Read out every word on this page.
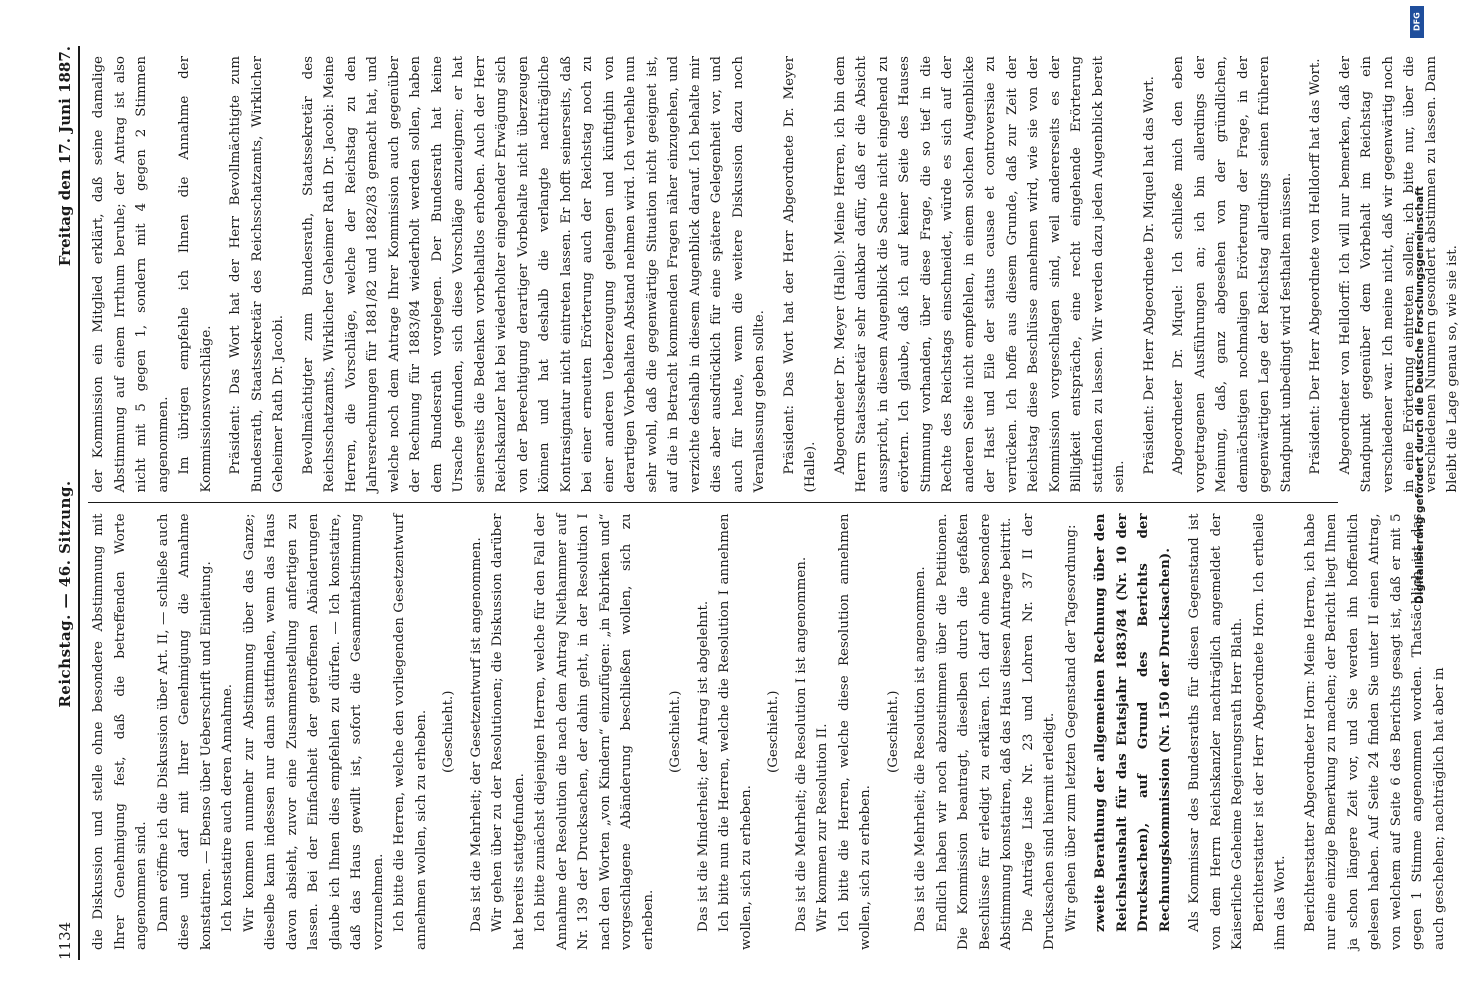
1134
Reichstag. — 46. Sitzung.
Freitag den 17. Juni 1887.

die Diskussion und stelle ohne besondere Abstimmung mit Ihrer Genehmigung fest, daß die betreffenden Worte angenommen sind. Dann eröffne ich die Diskussion über Art. II, — schließe auch diese und darf mit Ihrer Genehmigung die Annahme konstatiren. — Ebenso über Ueberschrift und Einleitung. Ich konstatire auch deren Annahme. Wir kommen nunmehr zur Abstimmung über das Ganze; dieselbe kann indessen nur dann stattfinden, wenn das Haus davon absieht, zuvor eine Zusammenstellung anfertigen zu lassen. Bei der Einfachheit der getroffenen Abänderungen glaube ich Ihnen dies empfehlen zu dürfen. — Ich konstatire, daß das Haus gewillt ist, sofort die Gesammtabstimmung vorzunehmen. Ich bitte die Herren, welche den vorliegenden Gesetzentwurf annehmen wollen, sich zu erheben. (Geschieht.) Das ist die Mehrheit; der Gesetzentwurf ist angenommen. Wir gehen über zu der Resolutionen; die Diskussion darüber hat bereits stattgefunden. Ich bitte zunächst diejenigen Herren, welche für den Fall der Annahme der Resolution die nach dem Antrag Niethammer auf Nr. 139 der Drucksachen, der dahin geht, in der Resolution I nach den Worten „von Kindern“ einzufügen: „in Fabriken und“ vorgeschlagene Abänderung beschließen wollen, sich zu erheben.

(Geschieht.) Das ist die Minderheit; der Antrag ist abgelehnt. Ich bitte nun die Herren, welche die Resolution I annehmen wollen, sich zu erheben.

(Geschieht.) Das ist die Mehrheit; die Resolution I ist angenommen. Wir kommen zur Resolution II. Ich bitte die Herren, welche diese Resolution annehmen wollen, sich zu erheben.

(Geschieht.) Das ist die Mehrheit; die Resolution ist angenommen. Endlich haben wir noch abzustimmen über die Petitionen. Die Kommission beantragt, dieselben durch die gefaßten Beschlüsse für erledigt zu erklären. Ich darf ohne besondere Abstimmung konstatiren, daß das Haus diesen Antrage beitritt. Die Anträge Liste Nr. 23 und Lohren Nr. 37 II der Drucksachen sind hiermit erledigt. Wir gehen über zum letzten Gegenstand der Tagesordnung: zweite Berathung der allgemeinen Rechnung über den Reichshaushalt für das Etatsjahr 1883/84 (Nr. 10 der Drucksachen), auf Grund des Berichts der Rechnungskommission (Nr. 150 der Drucksachen). Als Kommissar des Bundesraths für diesen Gegenstand ist von dem Herrn Reichskanzler nachträglich angemeldet der Kaiserliche Geheime Regierungsrath Herr Blath. Berichterstatter ist der Herr Abgeordnete Horn. Ich ertheile ihm das Wort. Berichterstatter Abgeordneter Horn: Meine Herren, ich habe nur eine einzige Bemerkung zu machen; der Bericht liegt Ihnen ja schon längere Zeit vor, und Sie werden ihn hoffentlich gelesen haben. Auf Seite 24 finden Sie unter II einen Antrag, von welchem auf Seite 6 des Berichts gesagt ist, daß er mit 5 gegen 1 Stimme angenommen worden. Thatsächlich ist das auch geschehen; nachträglich hat aber in

der Kommission ein Mitglied erklärt, daß seine damalige Abstimmung auf einem Irrthum beruhe; der Antrag ist also nicht mit 5 gegen 1, sondern mit 4 gegen 2 Stimmen angenommen. Im übrigen empfehle ich Ihnen die Annahme der Kommissionsvorschläge. Präsident: Das Wort hat der Herr Bevollmächtigte zum Bundesrath, Staatssekretär des Reichsschatzamts, Wirklicher Geheimer Rath Dr. Jacobi. Bevollmächtigter zum Bundesrath, Staatssekretär des Reichsschatzamts, Wirklicher Geheimer Rath Dr. Jacobi: Meine Herren, die Vorschläge, welche der Reichstag zu den Jahresrechnungen für 1881/82 und 1882/83 gemacht hat, und welche noch dem Antrage Ihrer Kommission auch gegenüber der Rechnung für 1883/84 wiederholt werden sollen, haben dem Bundesrath vorgelegen. Der Bundesrath hat keine Ursache gefunden, sich diese Vorschläge anzueignen; er hat seinerseits die Bedenken vorbehaltlos erhoben. Auch der Herr Reichskanzler hat bei wiederholter eingehender Erwägung sich von der Berechtigung derartiger Vorbehalte nicht überzeugen können und hat deshalb die verlangte nachträgliche Kontrasignatur nicht eintreten lassen. Er hofft seinerseits, daß bei einer erneuten Erörterung auch der Reichstag noch zu einer anderen Ueberzeugung gelangen und künftighin von derartigen Vorbehalten Abstand nehmen wird. Ich verhehle nun sehr wohl, daß die gegenwärtige Situation nicht geeignet ist, auf die in Betracht kommenden Fragen näher einzugehen, und verzichte deshalb in diesem Augenblick darauf. Ich behalte mir dies aber ausdrücklich für eine spätere Gelegenheit vor, und auch für heute, wenn die weitere Diskussion dazu noch Veranlassung geben sollte. Präsident: Das Wort hat der Herr Abgeordnete Dr. Meyer (Halle). Abgeordneter Dr. Meyer (Halle): Meine Herren, ich bin dem Herrn Staatssekretär sehr dankbar dafür, daß er die Absicht ausspricht, in diesem Augenblick die Sache nicht eingehend zu erörtern. Ich glaube, daß ich auf keiner Seite des Hauses Stimmung vorhanden, über diese Frage, die so tief in die Rechte des Reichstags einschneidet, würde es sich auf der anderen Seite nicht empfehlen, in einem solchen Augenblicke der Hast und Eile der status causae et controversiae zu verrücken. Ich hoffe aus diesem Grunde, daß zur Zeit der Reichstag diese Beschlüsse annehmen wird, wie sie von der Kommission vorgeschlagen sind, weil andererseits es der Billigkeit entspräche, eine recht eingehende Erörterung stattfinden zu lassen. Wir werden dazu jeden Augenblick bereit sein.

Präsident: Der Herr Abgeordnete Dr. Miquel hat das Wort. Abgeordneter Dr. Miquel: Ich schließe mich den eben vorgetragenen Ausführungen an; ich bin allerdings der Meinung, daß, ganz abgesehen von der gründlichen, demnächstigen nochmaligen Erörterung der Frage, in der gegenwärtigen Lage der Reichstag allerdings seinen früheren Standpunkt unbedingt wird festhalten müssen. Präsident: Der Herr Abgeordnete von Helldorff hat das Wort. Abgeordneter von Helldorff: Ich will nur bemerken, daß der Standpunkt gegenüber dem Vorbehalt im Reichstag ein verschiedener war. Ich meine nicht, daß wir gegenwärtig noch in eine Erörterung eintreten sollen; ich bitte nur, über die verschiedenen Nummern gesondert abstimmen zu lassen. Dann bleibt die Lage genau so, wie sie ist.

DFG
Digitalisierung gefördert durch die Deutsche Forschungsgemeinschaft
